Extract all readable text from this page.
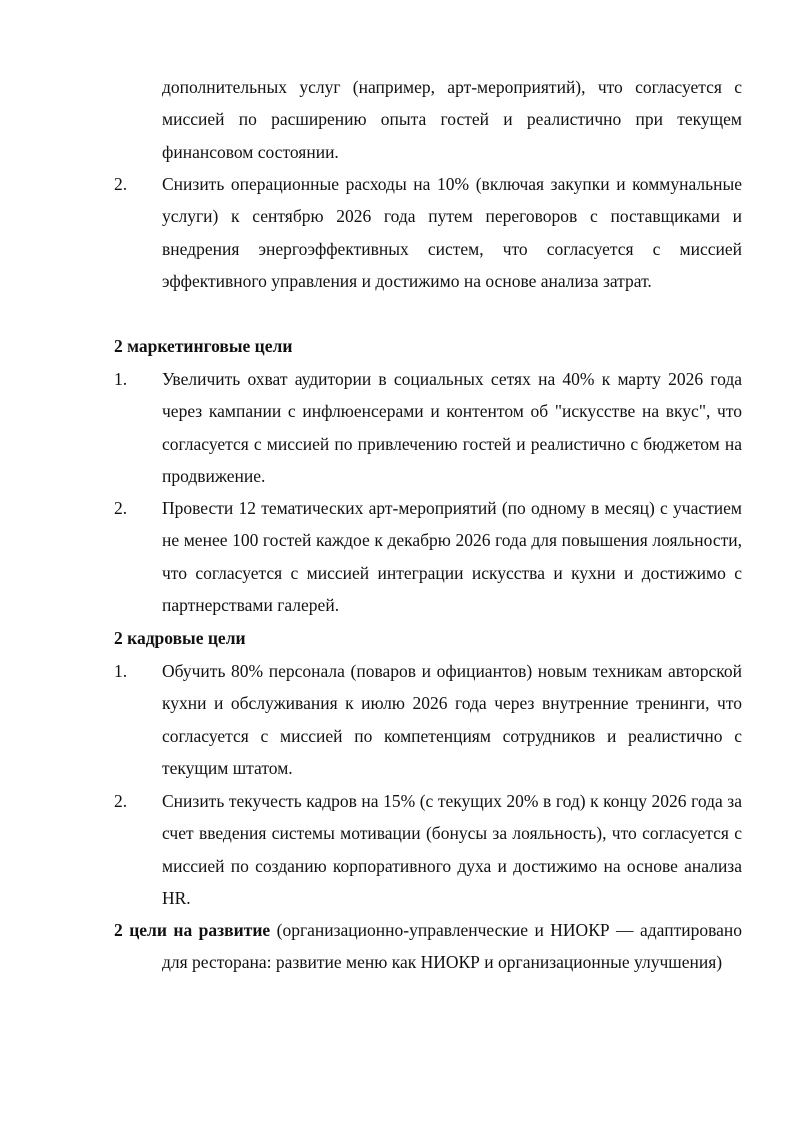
дополнительных услуг (например, арт-мероприятий), что согласуется с миссией по расширению опыта гостей и реалистично при текущем финансовом состоянии.

2. Снизить операционные расходы на 10% (включая закупки и коммунальные услуги) к сентябрю 2026 года путем переговоров с поставщиками и внедрения энергоэффективных систем, что согласуется с миссией эффективного управления и достижимо на основе анализа затрат.

2 маркетинговые цели

1. Увеличить охват аудитории в социальных сетях на 40% к марту 2026 года через кампании с инфлюенсерами и контентом об "искусстве на вкус", что согласуется с миссией по привлечению гостей и реалистично с бюджетом на продвижение.

2. Провести 12 тематических арт-мероприятий (по одному в месяц) с участием не менее 100 гостей каждое к декабрю 2026 года для повышения лояльности, что согласуется с миссией интеграции искусства и кухни и достижимо с партнерствами галерей.

2 кадровые цели

1. Обучить 80% персонала (поваров и официантов) новым техникам авторской кухни и обслуживания к июлю 2026 года через внутренние тренинги, что согласуется с миссией по компетенциям сотрудников и реалистично с текущим штатом.

2. Снизить текучесть кадров на 15% (с текущих 20% в год) к концу 2026 года за счет введения системы мотивации (бонусы за лояльность), что согласуется с миссией по созданию корпоративного духа и достижимо на основе анализа HR.

2 цели на развитие (организационно-управленческие и НИОКР — адаптировано для ресторана: развитие меню как НИОКР и организационные улучшения)
